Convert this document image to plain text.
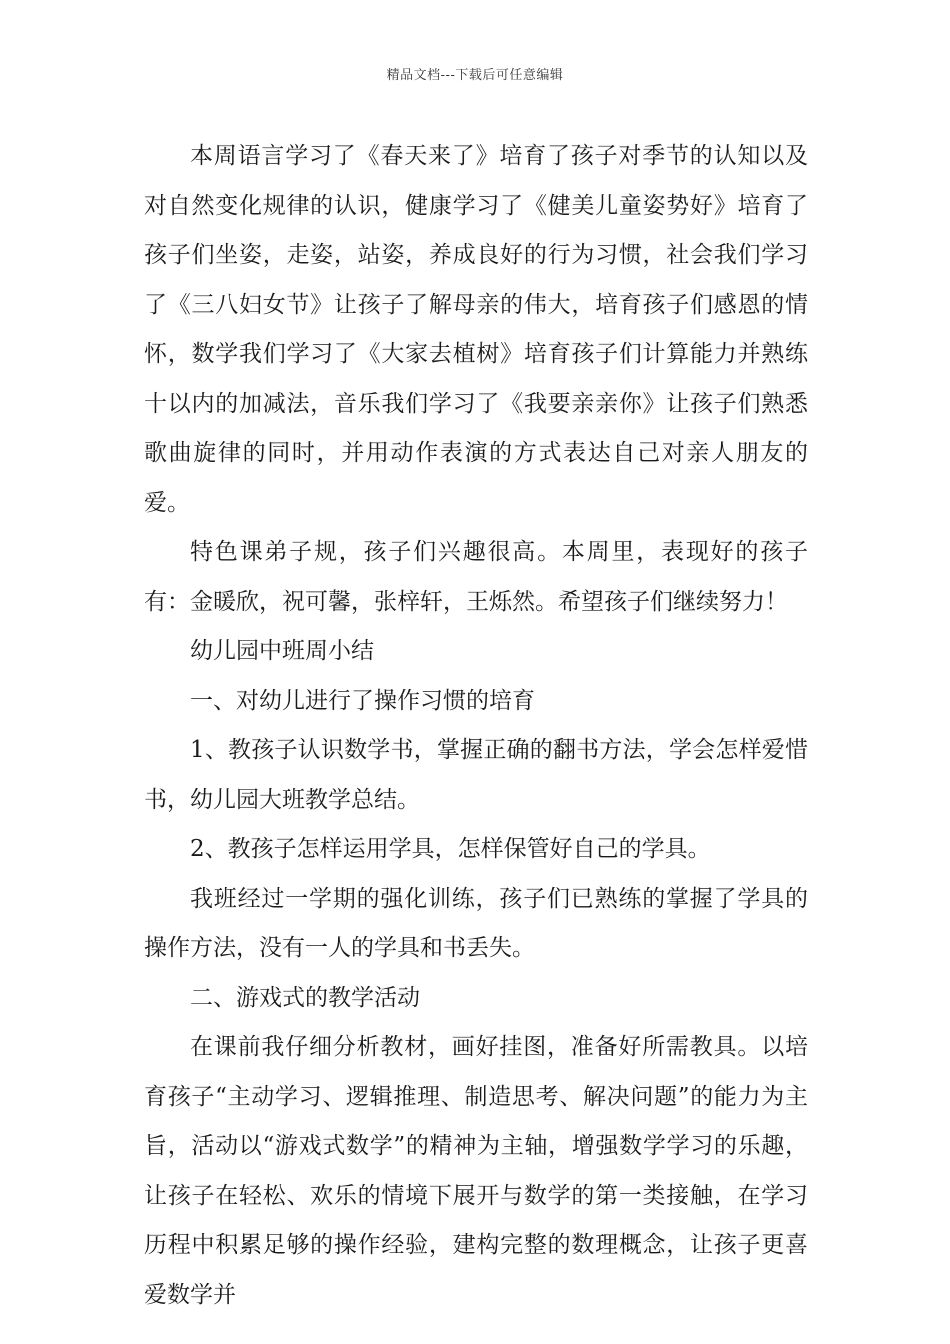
精品文档---下载后可任意编辑

本周语言学习了《春天来了》培育了孩子对季节的认知以及对自然变化规律的认识，健康学习了《健美儿童姿势好》培育了孩子们坐姿，走姿，站姿，养成良好的行为习惯，社会我们学习了《三八妇女节》让孩子了解母亲的伟大，培育孩子们感恩的情怀，数学我们学习了《大家去植树》培育孩子们计算能力并熟练十以内的加减法，音乐我们学习了《我要亲亲你》让孩子们熟悉歌曲旋律的同时，并用动作表演的方式表达自己对亲人朋友的爱。

特色课弟子规，孩子们兴趣很高。本周里，表现好的孩子有：金暖欣，祝可馨，张梓轩，王烁然。希望孩子们继续努力！

幼儿园中班周小结

一、对幼儿进行了操作习惯的培育

1、教孩子认识数学书，掌握正确的翻书方法，学会怎样爱惜书，幼儿园大班教学总结。

2、教孩子怎样运用学具，怎样保管好自己的学具。

我班经过一学期的强化训练，孩子们已熟练的掌握了学具的操作方法，没有一人的学具和书丢失。

二、游戏式的教学活动

在课前我仔细分析教材，画好挂图，准备好所需教具。以培育孩子“主动学习、逻辑推理、制造思考、解决问题”的能力为主旨，活动以“游戏式数学”的精神为主轴，增强数学学习的乐趣，让孩子在轻松、欢乐的情境下展开与数学的第一类接触，在学习历程中积累足够的操作经验，建构完整的数理概念，让孩子更喜爱数学并
